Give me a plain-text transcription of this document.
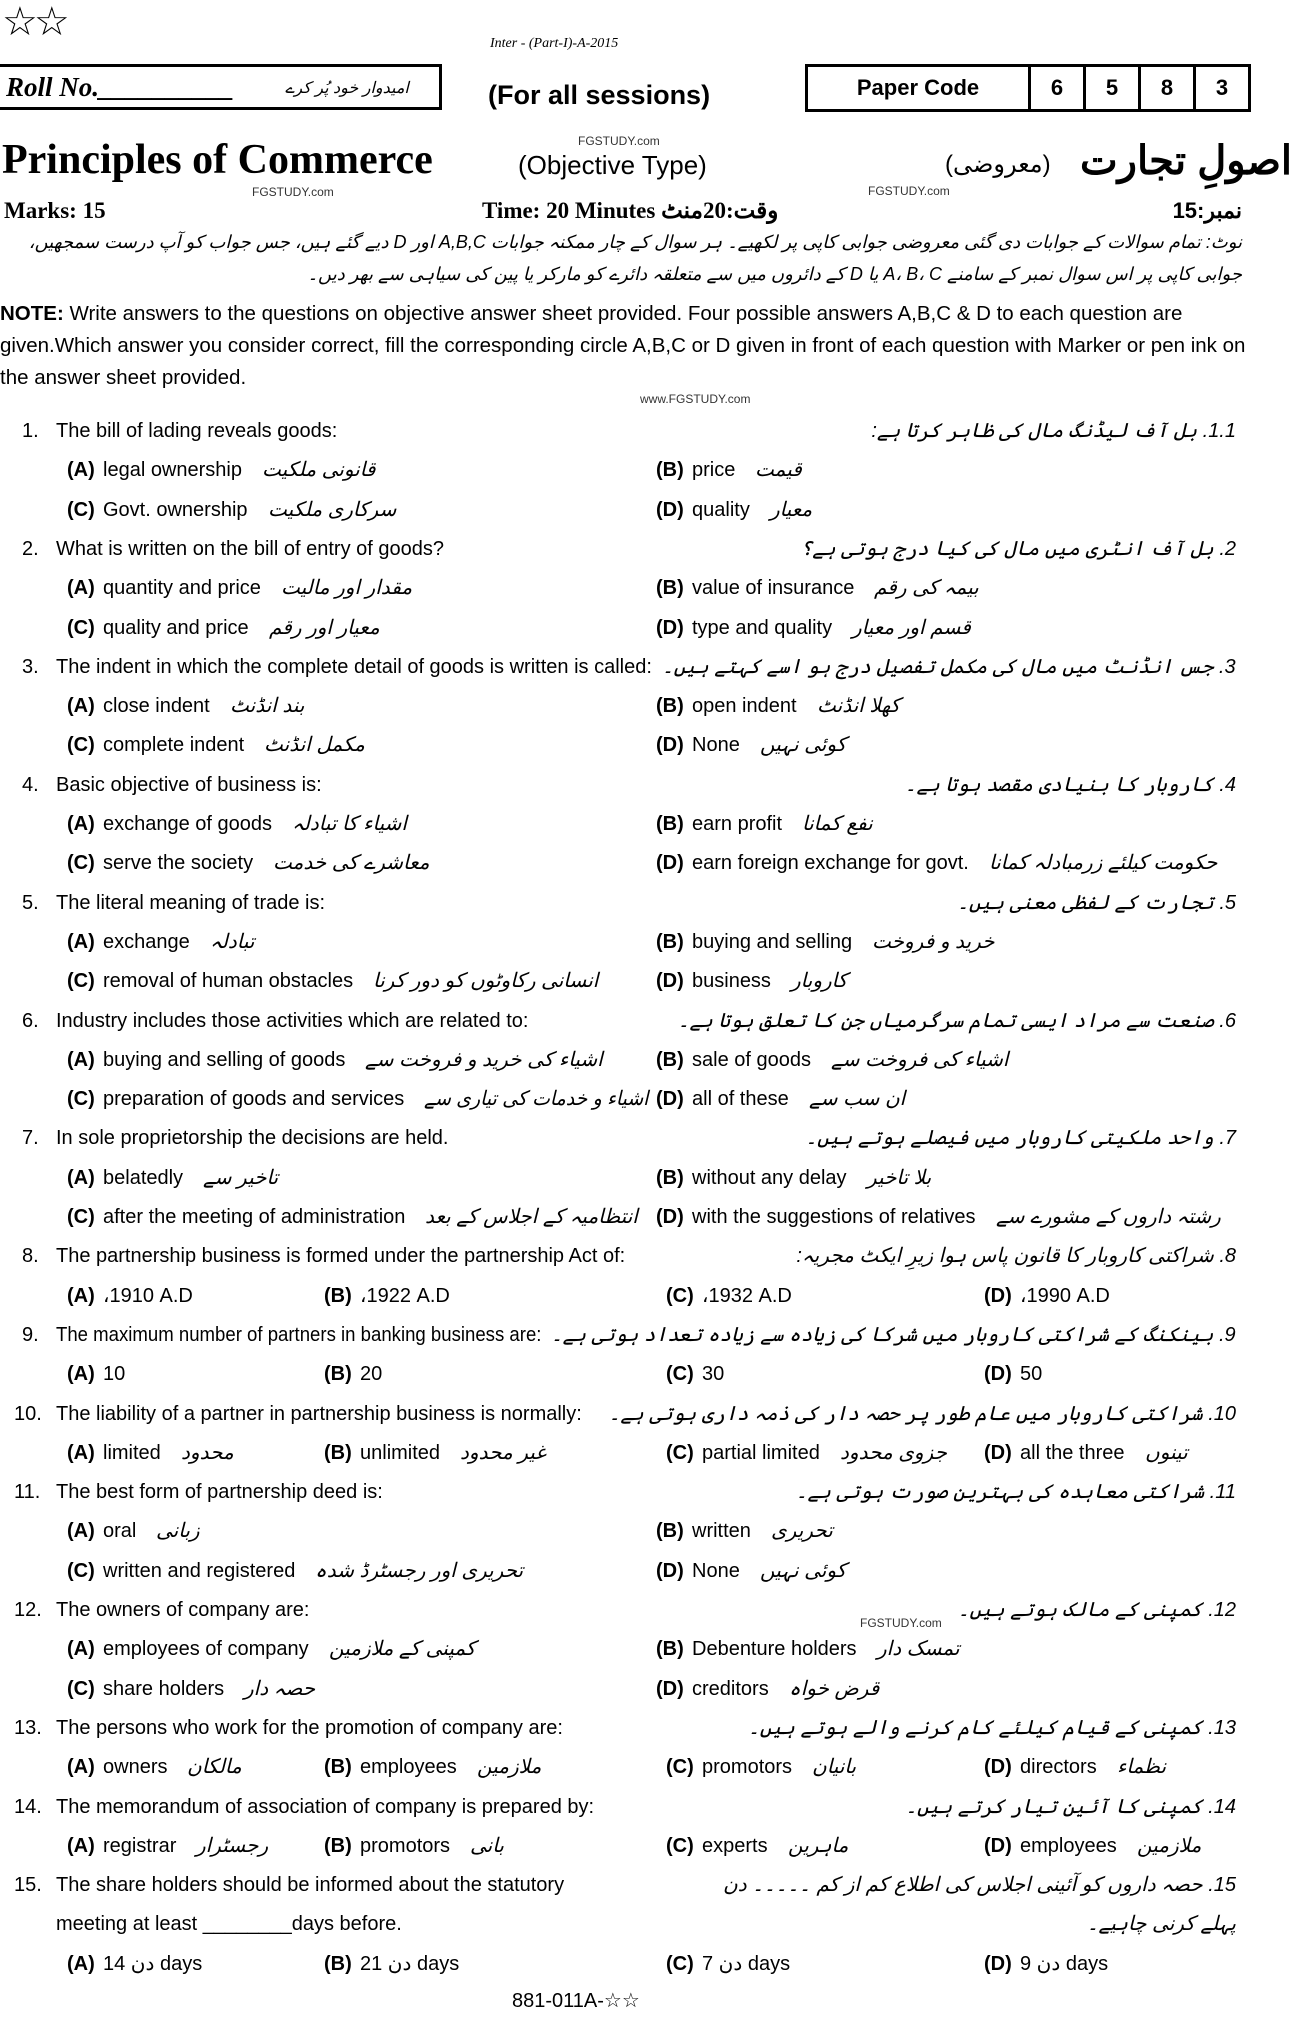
☆☆	Inter - (Part-I)-A-2015
Roll No.__________	امیدوار خود پُر کرے	(For all sessions)	Paper Code	6	5	8	3
Principles of Commerce	(Objective Type)	(معروضی) اصولِ تجارت
FGSTUDY.com
FGSTUDY.com	FGSTUDY.com
www.FGSTUDY.com
FGSTUDY.com
Marks: 15	Time: 20 Minutes وقت:20منٹ	نمبر:15
نوٹ: تمام سوالات کے جوابات دی گئی معروضی جوابی کاپی پر لکھیے۔ ہر سوال کے چار ممکنہ جوابات A,B,C اور D دیے گئے ہیں، جس جواب کو آپ درست سمجھیں، جوابی کاپی پر اس سوال نمبر کے سامنے A، B، C یا D کے دائروں میں سے متعلقہ دائرے کو مارکر یا پین کی سیاہی سے بھر دیں۔
NOTE: Write answers to the questions on objective answer sheet provided. Four possible answers A,B,C & D to each question are given.Which answer you consider correct, fill the corresponding circle A,B,C or D given in front of each question with Marker or pen ink on the answer sheet provided.
1. The bill of lading reveals goods:	1.1. بل آف لیڈنگ مال کی ظاہر کرتا ہے:
(A) legal ownership قانونی ملکیت	(B) price قیمت
(C) Govt. ownership سرکاری ملکیت	(D) quality معیار
2. What is written on the bill of entry of goods?	2. بل آف انٹری میں مال کی کیا درج ہوتی ہے؟
(A) quantity and price مقدار اور مالیت	(B) value of insurance بیمہ کی رقم
(C) quality and price معیار اور رقم	(D) type and quality قسم اور معیار
3. The indent in which the complete detail of goods is written is called: 3. جس انڈنٹ میں مال کی مکمل تفصیل درج ہو اسے کہتے ہیں۔
(A) close indent بند انڈنٹ	(B) open indent کھلا انڈنٹ
(C) complete indent مکمل انڈنٹ	(D) None کوئی نہیں
4. Basic objective of business is:	4. کاروبار کا بنیادی مقصد ہوتا ہے۔
(A) exchange of goods اشیاء کا تبادلہ	(B) earn profit نفع کمانا
(C) serve the society معاشرے کی خدمت	(D) earn foreign exchange for govt. حکومت کیلئے زرمبادلہ کمانا
5. The literal meaning of trade is:	5. تجارت کے لفظی معنی ہیں۔
(A) exchange تبادلہ	(B) buying and selling خرید و فروخت
(C) removal of human obstacles انسانی رکاوٹوں کو دور کرنا	(D) business کاروبار
6. Industry includes those activities which are related to:	6. صنعت سے مراد ایسی تمام سرگرمیاں جن کا تعلق ہوتا ہے۔
(A) buying and selling of goods اشیاء کی خرید و فروخت سے	(B) sale of goods اشیاء کی فروخت سے
(C) preparation of goods and services اشیاء و خدمات کی تیاری سے (D) all of these ان سب سے
7. In sole proprietorship the decisions are held.	7. واحد ملکیتی کاروبار میں فیصلے ہوتے ہیں۔
(A) belatedly تاخیر سے	(B) without any delay بلا تاخیر
(C) after the meeting of administration انتظامیہ کے اجلاس کے بعد (D) with the suggestions of relatives رشتہ داروں کے مشورے سے
8. The partnership business is formed under the partnership Act of:	8. شراکتی کاروبار کا قانون پاس ہوا زیرِ ایکٹ مجریہ:
(A) ،1910 A.D	(B) ،1922 A.D	(C) ،1932 A.D	(D) ،1990 A.D
9. The maximum number of partners in banking business are: 9. بینکنگ کے شراکتی کاروبار میں شرکا کی زیادہ سے زیادہ تعداد ہوتی ہے۔
(A) 10	(B) 20	(C) 30	(D) 50
10. The liability of a partner in partnership business is normally: 10. شراکتی کاروبار میں عام طور پر حصہ دار کی ذمہ داری ہوتی ہے۔
(A) limited محدود	(B) unlimited غیر محدود	(C) partial limited جزوی محدود (D) all the three تینوں
11. The best form of partnership deed is:	11. شراکتی معاہدہ کی بہترین صورت ہوتی ہے۔
(A) oral زبانی	(B) written تحریری
(C) written and registered تحریری اور رجسٹرڈ شدہ	(D) None کوئی نہیں
12. The owners of company are:	12. کمپنی کے مالک ہوتے ہیں۔
(A) employees of company کمپنی کے ملازمین	(B) Debenture holders تمسک دار
(C) share holders حصہ دار	(D) creditors قرض خواہ
13. The persons who work for the promotion of company are:	13. کمپنی کے قیام کیلئے کام کرنے والے ہوتے ہیں۔
(A) owners مالکان	(B) employees ملازمین	(C) promotors بانیان	(D) directors نظماء
14. The memorandum of association of company is prepared by:	14. کمپنی کا آئین تیار کرتے ہیں۔
(A) registrar رجسٹرار	(B) promotors بانی	(C) experts ماہرین	(D) employees ملازمین
15. The share holders should be informed about the statutory	15. حصہ داروں کو آئینی اجلاس کی اطلاع کم از کم ۔۔۔۔۔ دن
meeting at least ________days before.	پہلے کرنی چاہیے۔
(A) دن 14 days	(B) دن 21 days	(C) دن 7 days	(D) دن 9 days
881-011A-☆☆
